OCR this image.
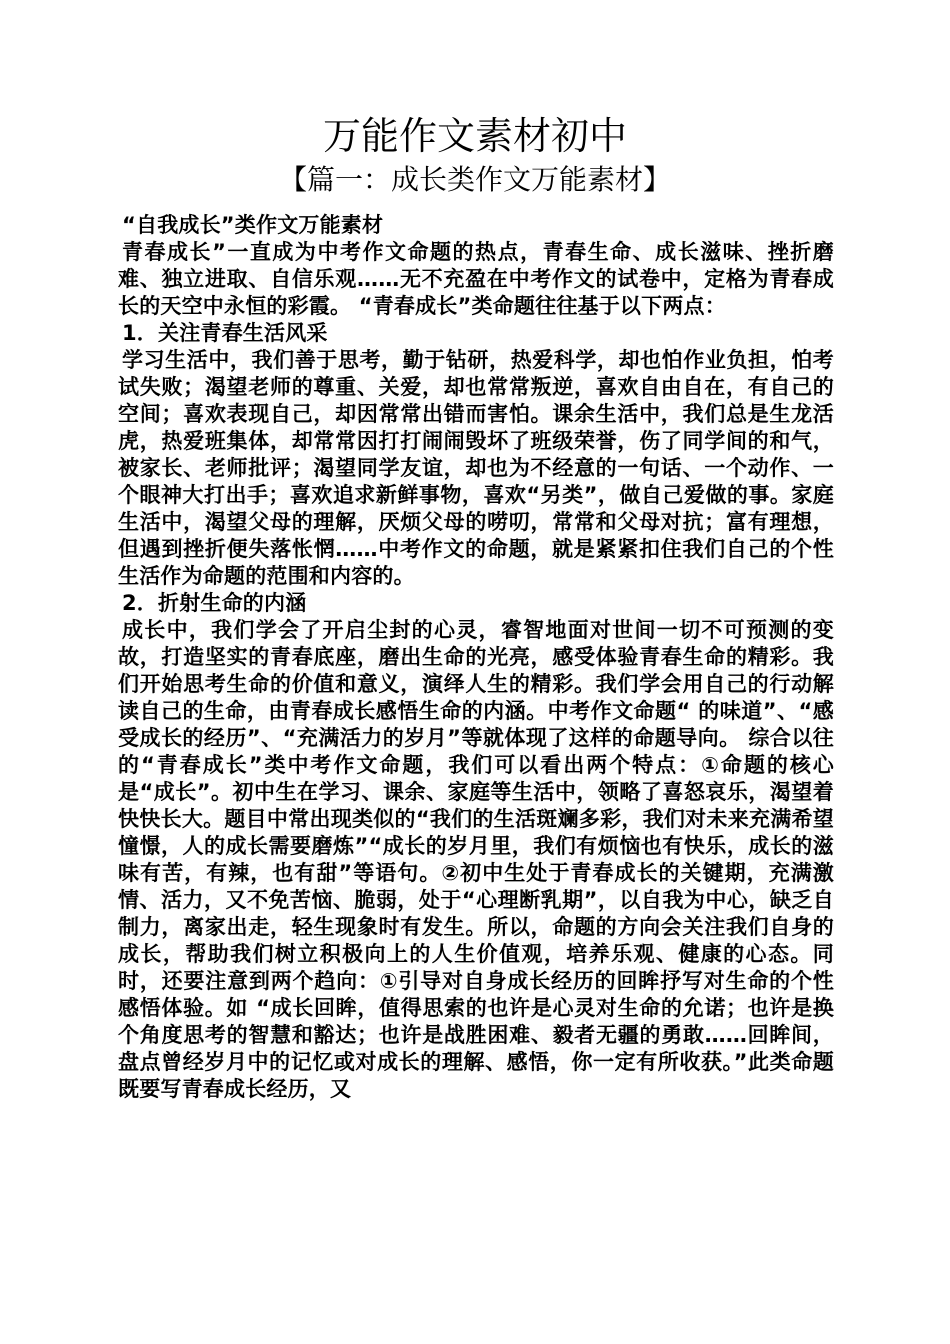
万能作文素材初中
【篇一：成长类作文万能素材】

“自我成长”类作文万能素材

青春成长”一直成为中考作文命题的热点，青春生命、成长滋味、挫折磨难、独立进取、自信乐观……无不充盈在中考作文的试卷中，定格为青春成长的天空中永恒的彩霞。 “青春成长”类命题往往基于以下两点：

1．关注青春生活风采

学习生活中，我们善于思考，勤于钻研，热爱科学，却也怕作业负担，怕考试失败；渴望老师的尊重、关爱，却也常常叛逆，喜欢自由自在，有自己的空间；喜欢表现自己，却因常常出错而害怕。课余生活中，我们总是生龙活虎，热爱班集体，却常常因打打闹闹毁坏了班级荣誉，伤了同学间的和气，被家长、老师批评；渴望同学友谊，却也为不经意的一句话、一个动作、一个眼神大打出手；喜欢追求新鲜事物，喜欢“另类”，做自己爱做的事。家庭生活中，渴望父母的理解，厌烦父母的唠叨，常常和父母对抗；富有理想，但遇到挫折便失落怅惘……中考作文的命题，就是紧紧扣住我们自己的个性生活作为命题的范围和内容的。

2．折射生命的内涵

成长中，我们学会了开启尘封的心灵，睿智地面对世间一切不可预测的变故，打造坚实的青春底座，磨出生命的光亮，感受体验青春生命的精彩。我们开始思考生命的价值和意义，演绎人生的精彩。我们学会用自己的行动解读自己的生命，由青春成长感悟生命的内涵。中考作文命题“ 的味道”、“感受成长的经历”、“充满活力的岁月”等就体现了这样的命题导向。 综合以往的“青春成长”类中考作文命题，我们可以看出两个特点：①命题的核心是“成长”。初中生在学习、课余、家庭等生活中，领略了喜怒哀乐，渴望着快快长大。题目中常出现类似的“我们的生活斑斓多彩，我们对未来充满希望憧憬，人的成长需要磨炼”“成长的岁月里，我们有烦恼也有快乐，成长的滋味有苦，有辣，也有甜”等语句。②初中生处于青春成长的关键期，充满激情、活力，又不免苦恼、脆弱，处于“心理断乳期”，以自我为中心，缺乏自制力，离家出走，轻生现象时有发生。所以，命题的方向会关注我们自身的成长，帮助我们树立积极向上的人生价值观，培养乐观、健康的心态。同时，还要注意到两个趋向：①引导对自身成长经历的回眸抒写对生命的个性感悟体验。如 “成长回眸，值得思索的也许是心灵对生命的允诺；也许是换个角度思考的智慧和豁达；也许是战胜困难、毅者无疆的勇敢……回眸间，盘点曾经岁月中的记忆或对成长的理解、感悟，你一定有所收获。”此类命题既要写青春成长经历，又
